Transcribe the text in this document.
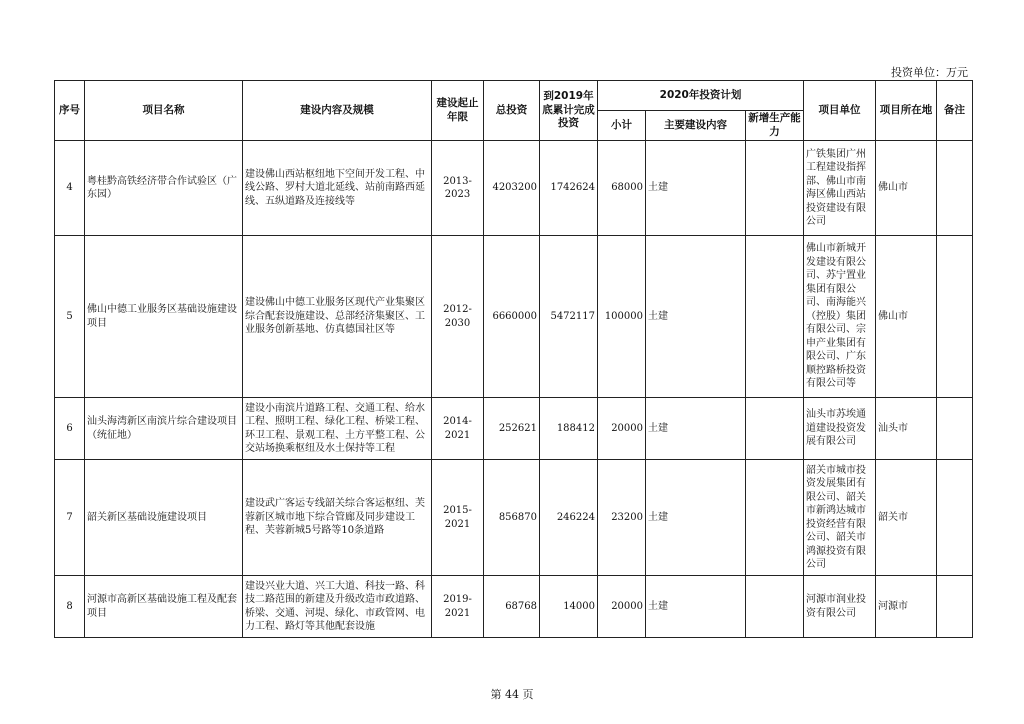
投资单位：万元
序号	项目名称	建设内容及规模	建设起止年限	总投资	到2019年底累计完成投资	2020年投资计划			项目单位	项目所在地	备注
						小计	主要建设内容	新增生产能力			
4	粤桂黔高铁经济带合作试验区（广东园）	建设佛山西站枢纽地下空间开发工程、中线公路、罗村大道北延线、站前南路西延线、五纵道路及连接线等	2013-2023	4203200	1742624	68000	土建		广铁集团广州工程建设指挥部、佛山市南海区佛山西站投资建设有限公司	佛山市	
5	佛山中德工业服务区基础设施建设项目	建设佛山中德工业服务区现代产业集聚区综合配套设施建设、总部经济集聚区、工业服务创新基地、仿真德国社区等	2012-2030	6660000	5472117	100000	土建		佛山市新城开发建设有限公司、苏宁置业集团有限公司、南海能兴（控股）集团有限公司、宗申产业集团有限公司、广东顺控路桥投资有限公司等	佛山市	
6	汕头海湾新区南滨片综合建设项目（统征地）	建设小南滨片道路工程、交通工程、给水工程、照明工程、绿化工程、桥梁工程、环卫工程、景观工程、土方平整工程、公交站场换乘枢纽及水土保持等工程	2014-2021	252621	188412	20000	土建		汕头市苏埃通道建设投资发展有限公司	汕头市	
7	韶关新区基础设施建设项目	建设武广客运专线韶关综合客运枢纽、芙蓉新区城市地下综合管廊及同步建设工程、芙蓉新城5号路等10条道路	2015-2021	856870	246224	23200	土建		韶关市城市投资发展集团有限公司、韶关市新鸿达城市投资经营有限公司、韶关市鸿源投资有限公司	韶关市	
8	河源市高新区基础设施工程及配套项目	建设兴业大道、兴工大道、科技一路、科技二路范围的新建及升级改造市政道路、桥梁、交通、河堤、绿化、市政管网、电力工程、路灯等其他配套设施	2019-2021	68768	14000	20000	土建		河源市润业投资有限公司	河源市	
第 44 页
